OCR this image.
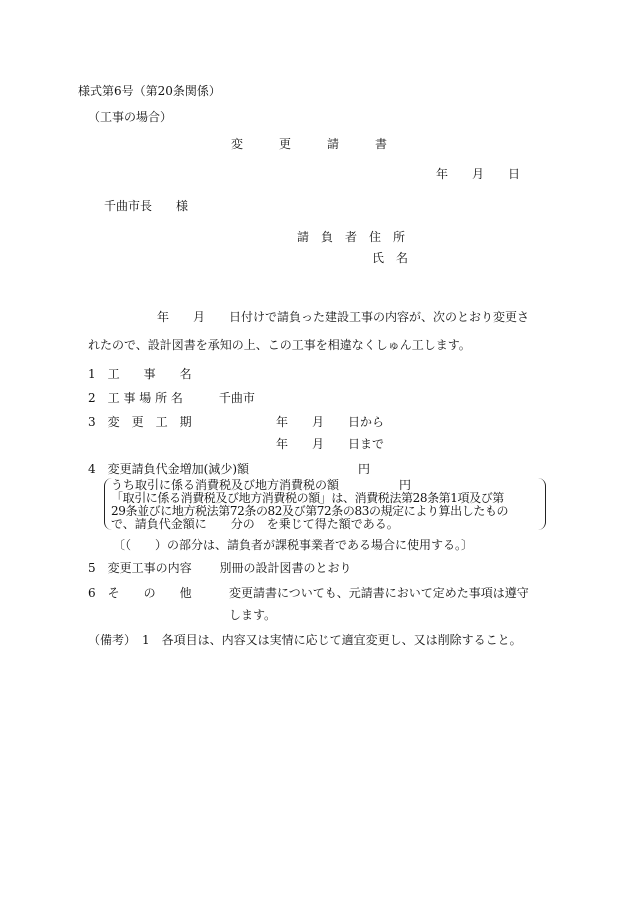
様式第6号（第20条関係）
（工事の場合）
変　　　更　　　請　　　書
年　　月　　日
千曲市長　　様
請　負　者　住　所
氏　名
年　　月　　日付けで請負った建設工事の内容が、次のとおり変更さ
れたので、設計図書を承知の上、この工事を相違なくしゅん工します。
1　工　　事　　名
2　工 事 場 所 名　　　千曲市
3　変　更　工　期	年　　月　　日から
年　　月　　日まで
4　変更請負代金増加(減少)額	円
うち取引に係る消費税及び地方消費税の額　　　　　円
「取引に係る消費税及び地方消費税の額」は、消費税法第28条第1項及び第
29条並びに地方税法第72条の82及び第72条の83の規定により算出したもの
で、請負代金額に　　分の　を乗じて得た額である。
〔（　　）の部分は、請負者が課税事業者である場合に使用する。〕
5　変更工事の内容　　 別冊の設計図書のとおり
6　そ　　の　　他	変更請書についても、元請書において定めた事項は遵守
します。
（備考）　1　各項目は、内容又は実情に応じて適宜変更し、又は削除すること。
